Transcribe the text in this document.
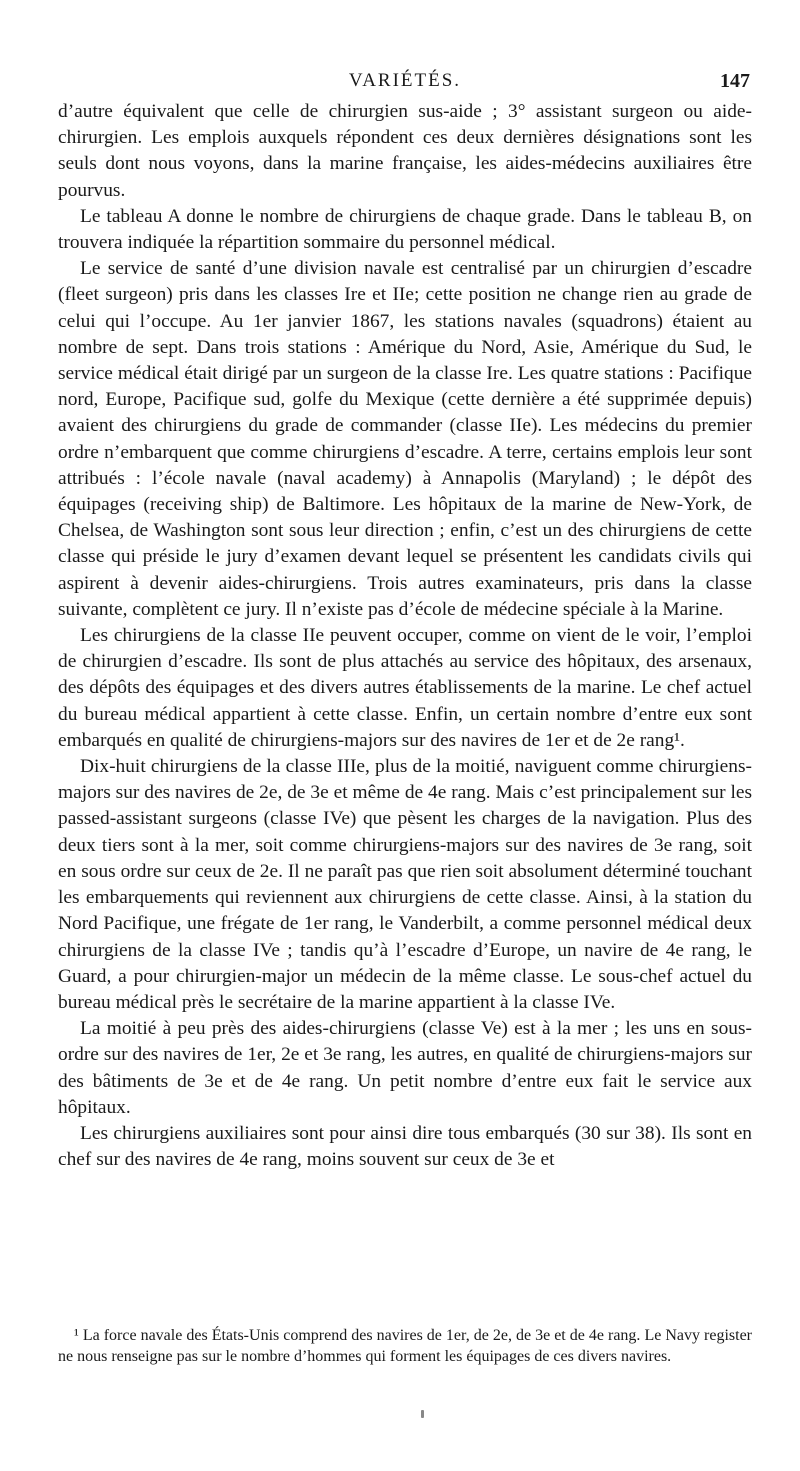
VARIÉTÉS.	147

d’autre équivalent que celle de chirurgien sus-aide ; 3° assistant surgeon ou aide-chirurgien. Les emplois auxquels répondent ces deux dernières désignations sont les seuls dont nous voyons, dans la marine française, les aides-médecins auxiliaires être pourvus.

Le tableau A donne le nombre de chirurgiens de chaque grade. Dans le tableau B, on trouvera indiquée la répartition sommaire du personnel médical.

Le service de santé d’une division navale est centralisé par un chirurgien d’escadre (fleet surgeon) pris dans les classes Ire et IIe; cette position ne change rien au grade de celui qui l’occupe. Au 1er janvier 1867, les stations navales (squadrons) étaient au nombre de sept. Dans trois stations : Amérique du Nord, Asie, Amérique du Sud, le service médical était dirigé par un surgeon de la classe Ire. Les quatre stations : Pacifique nord, Europe, Pacifique sud, golfe du Mexique (cette dernière a été supprimée depuis) avaient des chirurgiens du grade de commander (classe IIe). Les médecins du premier ordre n’embarquent que comme chirurgiens d’escadre. A terre, certains emplois leur sont attribués : l’école navale (naval academy) à Annapolis (Maryland) ; le dépôt des équipages (receiving ship) de Baltimore. Les hôpitaux de la marine de New-York, de Chelsea, de Washington sont sous leur direction ; enfin, c’est un des chirurgiens de cette classe qui préside le jury d’examen devant lequel se présentent les candidats civils qui aspirent à devenir aides-chirurgiens. Trois autres examinateurs, pris dans la classe suivante, complètent ce jury. Il n’existe pas d’école de médecine spéciale à la Marine.

Les chirurgiens de la classe IIe peuvent occuper, comme on vient de le voir, l’emploi de chirurgien d’escadre. Ils sont de plus attachés au service des hôpitaux, des arsenaux, des dépôts des équipages et des divers autres établissements de la marine. Le chef actuel du bureau médical appartient à cette classe. Enfin, un certain nombre d’entre eux sont embarqués en qualité de chirurgiens-majors sur des navires de 1er et de 2e rang¹.

Dix-huit chirurgiens de la classe IIIe, plus de la moitié, naviguent comme chirurgiens-majors sur des navires de 2e, de 3e et même de 4e rang. Mais c’est principalement sur les passed-assistant surgeons (classe IVe) que pèsent les charges de la navigation. Plus des deux tiers sont à la mer, soit comme chirurgiens-majors sur des navires de 3e rang, soit en sous ordre sur ceux de 2e. Il ne paraît pas que rien soit absolument déterminé touchant les embarquements qui reviennent aux chirurgiens de cette classe. Ainsi, à la station du Nord Pacifique, une frégate de 1er rang, le Vanderbilt, a comme personnel médical deux chirurgiens de la classe IVe ; tandis qu’à l’escadre d’Europe, un navire de 4e rang, le Guard, a pour chirurgien-major un médecin de la même classe. Le sous-chef actuel du bureau médical près le secrétaire de la marine appartient à la classe IVe.

La moitié à peu près des aides-chirurgiens (classe Ve) est à la mer ; les uns en sous-ordre sur des navires de 1er, 2e et 3e rang, les autres, en qualité de chirurgiens-majors sur des bâtiments de 3e et de 4e rang. Un petit nombre d’entre eux fait le service aux hôpitaux.

Les chirurgiens auxiliaires sont pour ainsi dire tous embarqués (30 sur 38). Ils sont en chef sur des navires de 4e rang, moins souvent sur ceux de 3e et

¹ La force navale des États-Unis comprend des navires de 1er, de 2e, de 3e et de 4e rang. Le Navy register ne nous renseigne pas sur le nombre d’hommes qui forment les équipages de ces divers navires.
